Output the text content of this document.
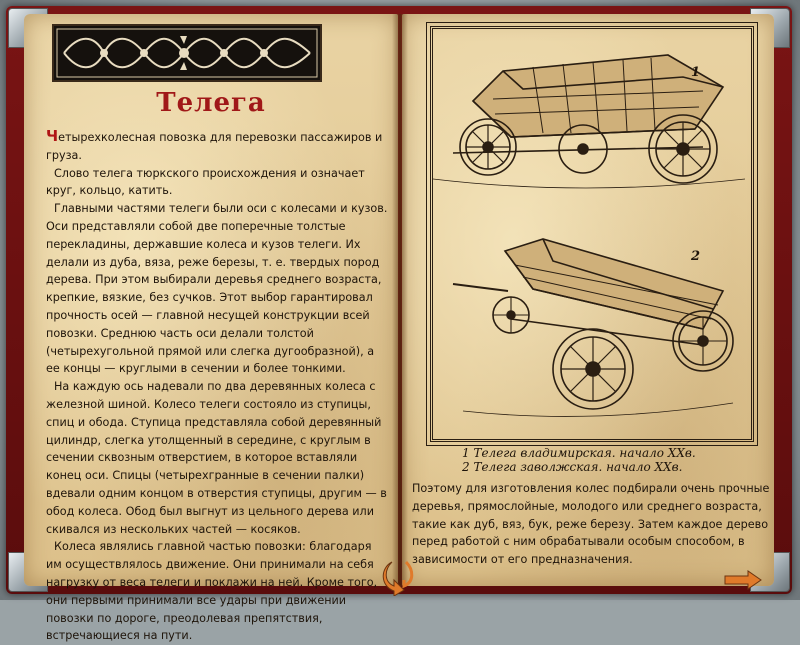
Телега

Четырехколесная повозка для перевозки пассажиров и груза.

Слово телега тюркского происхождения и означает круг, кольцо, катить.

Главными частями телеги были оси с колесами и кузов. Оси представляли собой две поперечные толстые перекладины, державшие колеса и кузов телеги. Их делали из дуба, вяза, реже березы, т. е. твердых пород дерева. При этом выбирали деревья среднего возраста, крепкие, вязкие, без сучков. Этот выбор гарантировал прочность осей — главной несущей конструкции всей повозки. Среднюю часть оси делали толстой (четырехугольной прямой или слегка дугообразной), а ее концы — круглыми в сечении и более тонкими.

На каждую ось надевали по два деревянных колеса с железной шиной. Колесо телеги состояло из ступицы, спиц и обода. Ступица представляла собой деревянный цилиндр, слегка утолщенный в середине, с круглым в сечении сквозным отверстием, в которое вставляли конец оси. Спицы (четырехгранные в сечении палки) вдевали одним концом в отверстия ступицы, другим — в обод колеса. Обод был выгнут из цельного дерева или скивался из нескольких частей — косяков.

Колеса являлись главной частью повозки: благодаря им осуществлялось движение. Они принимали на себя нагрузку от веса телеги и поклажи на ней. Кроме того, они первыми принимали все удары при движении повозки по дороге, преодолевая препятствия, встречающиеся на пути.

1
2
1 Телега владимирская. начало XXв.
2 Телега заволжская. начало XXв.
Поэтому для изготовления колес подбирали очень прочные деревья, прямослойные, молодого или среднего возраста, такие как дуб, вяз, бук, реже березу. Затем каждое дерево перед работой с ним обрабатывали особым способом, в зависимости от его предназначения.
